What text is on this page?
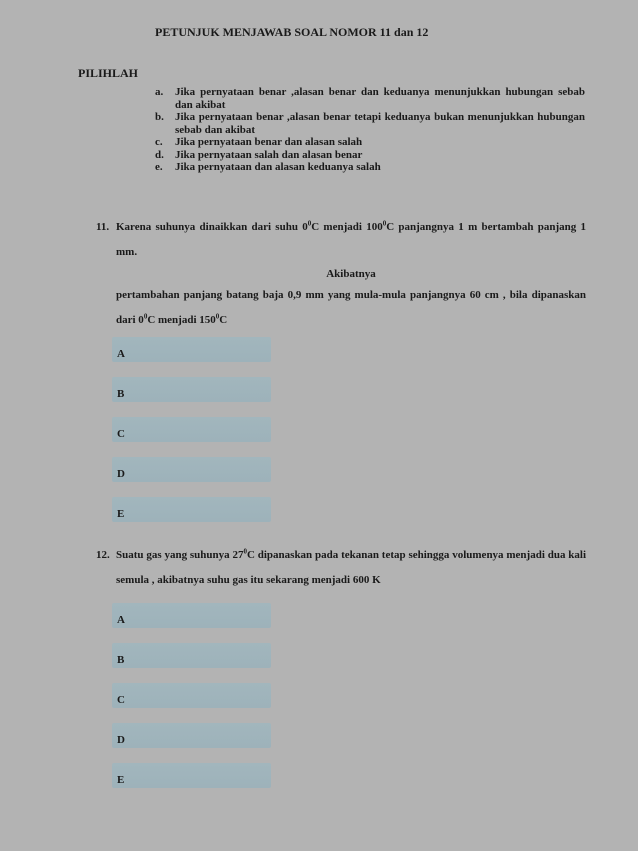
PETUNJUK MENJAWAB SOAL NOMOR 11 dan 12
PILIHLAH
a.	Jika pernyataan benar ,alasan benar dan keduanya menunjukkan hubungan sebab dan akibat
b.	Jika pernyataan benar ,alasan benar tetapi keduanya bukan menunjukkan hubungan sebab dan akibat
c.	Jika pernyataan benar dan alasan salah
d.	Jika pernyataan salah dan alasan benar
e.	Jika pernyataan dan alasan keduanya salah
11. Karena suhunya dinaikkan dari suhu $0^0C$ menjadi $100^0C$ panjangnya 1 m bertambah panjang 1 mm.
Akibatnya
pertambahan panjang batang baja 0,9 mm yang mula-mula panjangnya 60 cm , bila dipanaskan dari $0^0C$ menjadi $150^0C$
A
B
C
D
E
12. Suatu gas yang suhunya $27^0C$ dipanaskan pada tekanan tetap sehingga volumenya menjadi dua kali semula , akibatnya suhu gas itu sekarang menjadi 600 K
A
B
C
D
E
